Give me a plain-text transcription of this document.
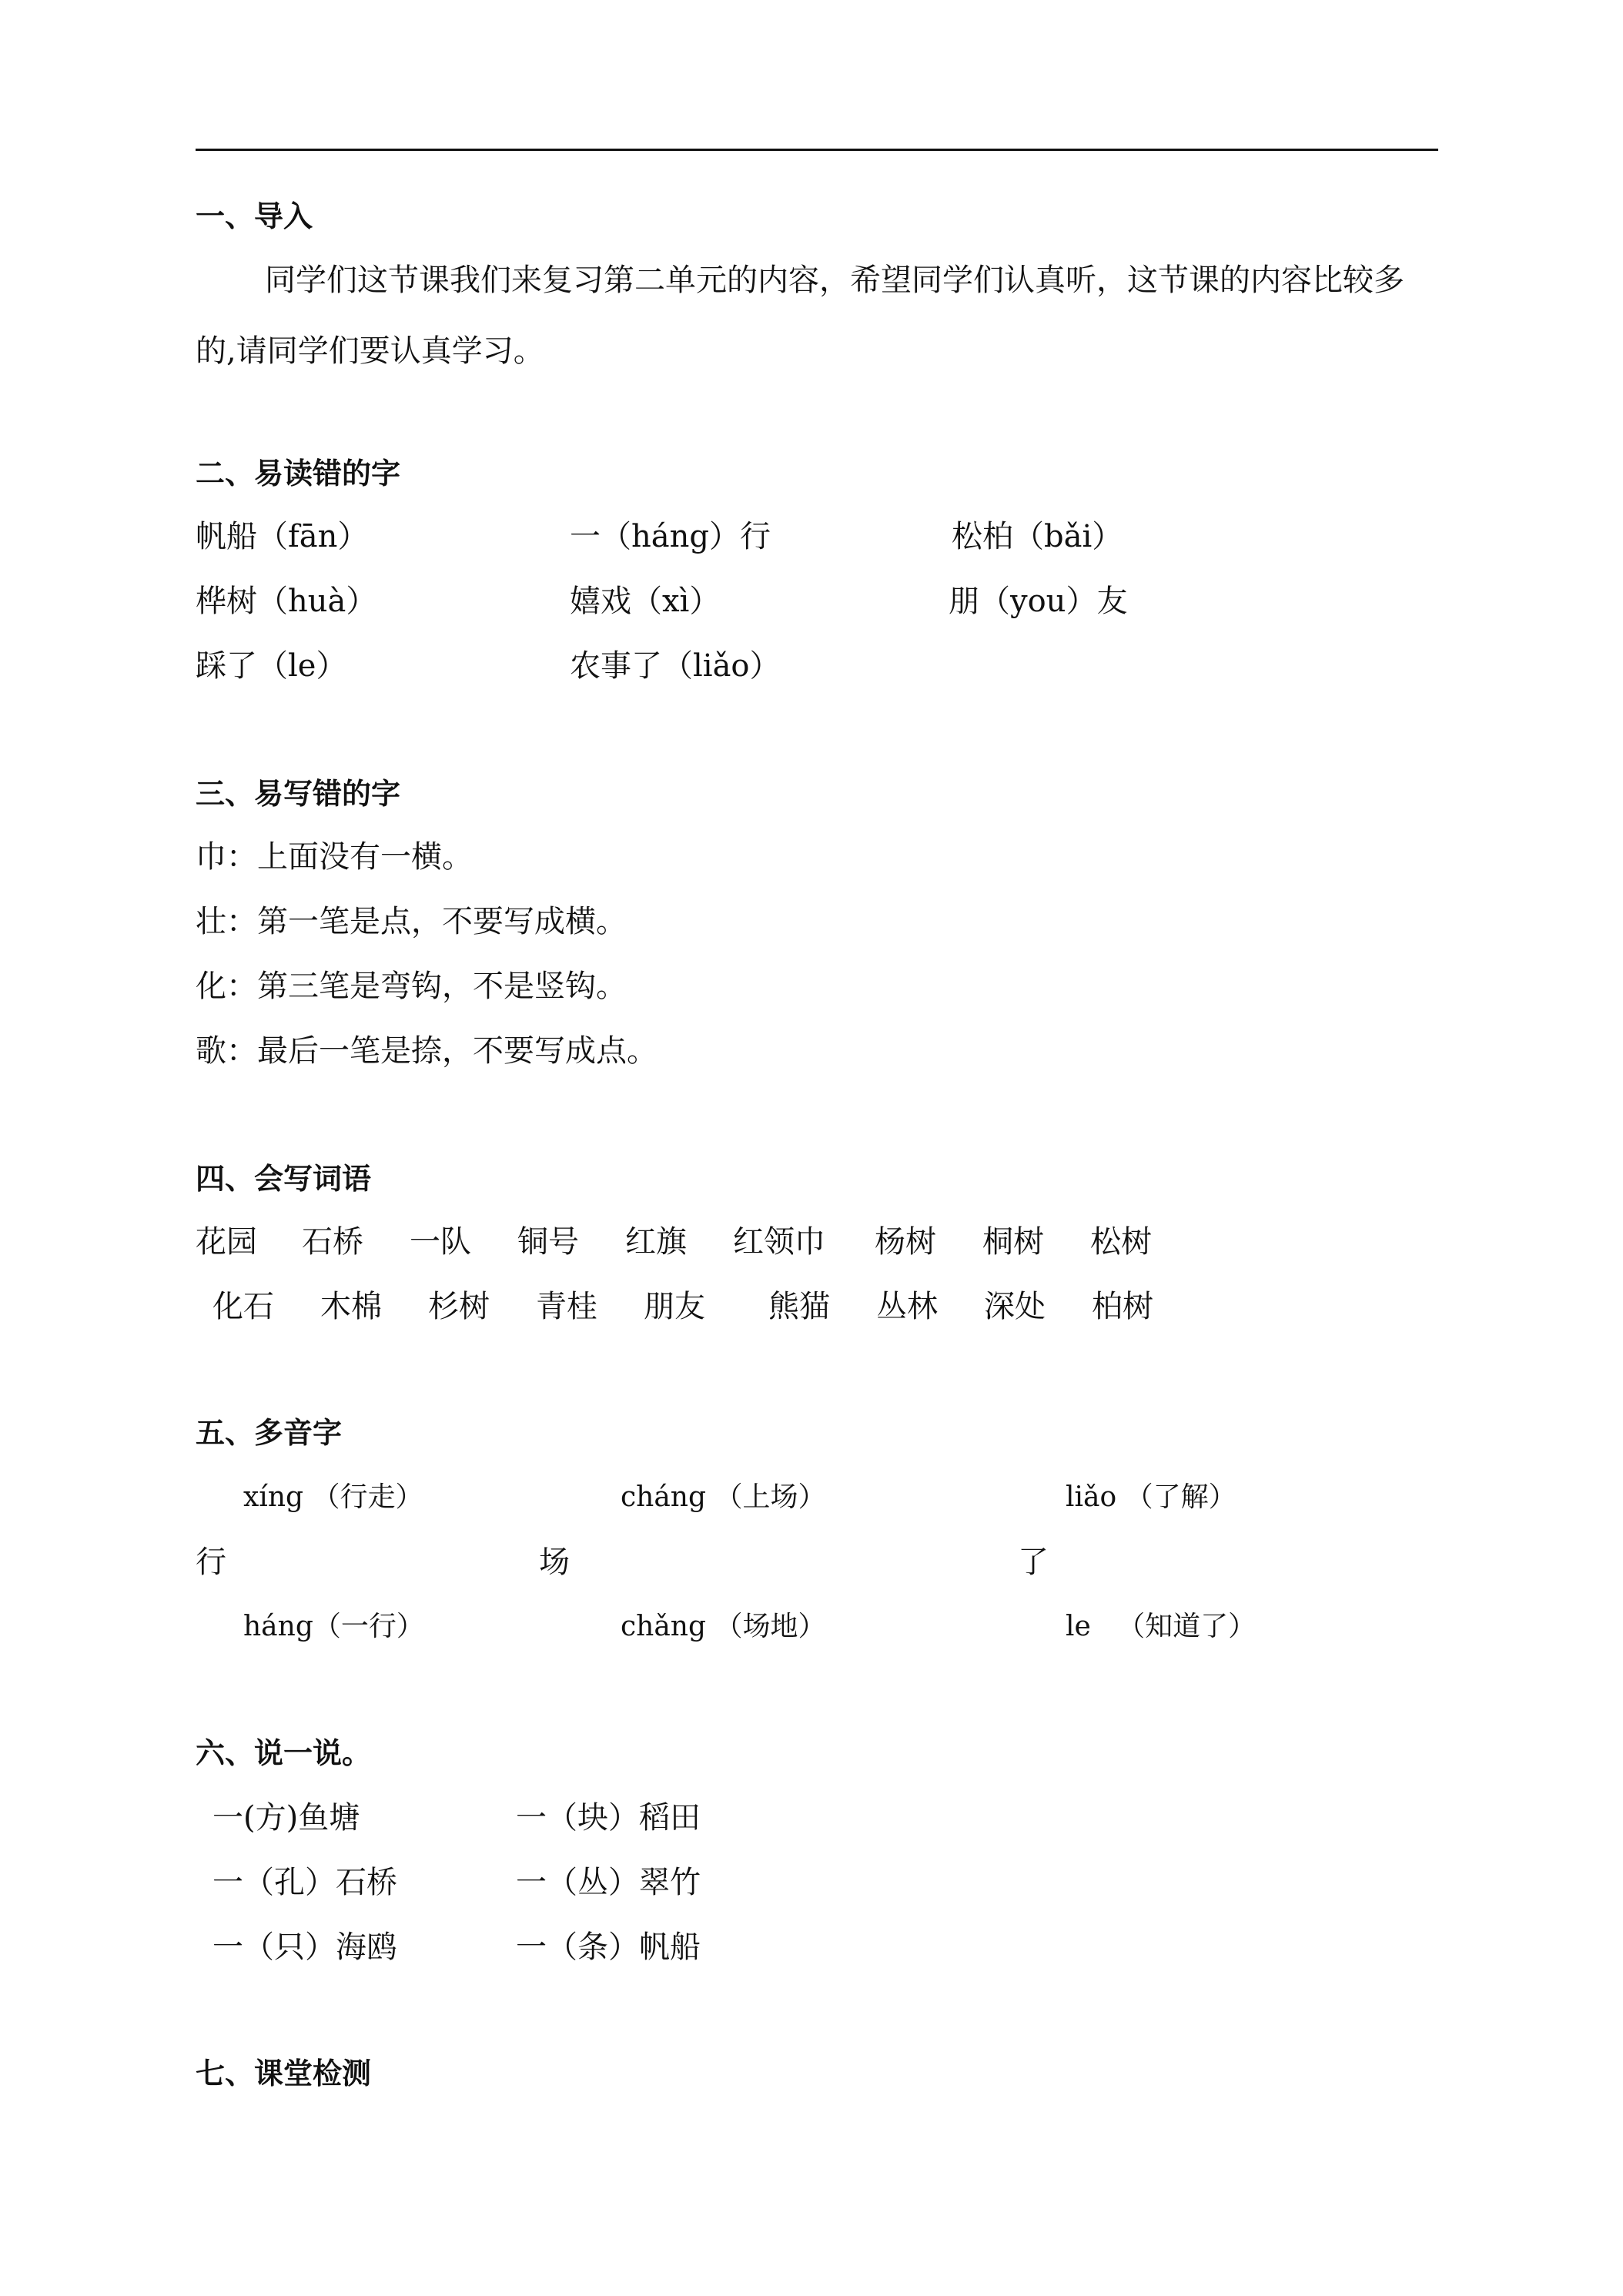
一、导入
同学们这节课我们来复习第二单元的内容，希望同学们认真听，这节课的内容比较多的,请同学们要认真学习。
二、易读错的字
帆船（fān）	一（háng）行	松柏（bǎi）
桦树（huà）	嬉戏（xì）	朋（you）友
踩了（le）	农事了（liǎo）
三、易写错的字
巾：上面没有一横。
壮：第一笔是点，不要写成横。
化：第三笔是弯钩，不是竖钩。
歌：最后一笔是捺，不要写成点。
四、会写词语
花园 石桥 一队 铜号 红旗 红领巾 杨树 桐树 松树
化石 木棉 杉树 青桂 朋友 熊猫 丛林 深处 柏树
五、多音字
xíng （行走）	cháng （上场）	liǎo （了解）
行	场	了
háng（一行）	chǎng （场地）	le   （知道了）
六、说一说。
一(方)鱼塘	一（块）稻田
一（孔）石桥	一（丛）翠竹
一（只）海鸥	一（条）帆船
七、课堂检测
